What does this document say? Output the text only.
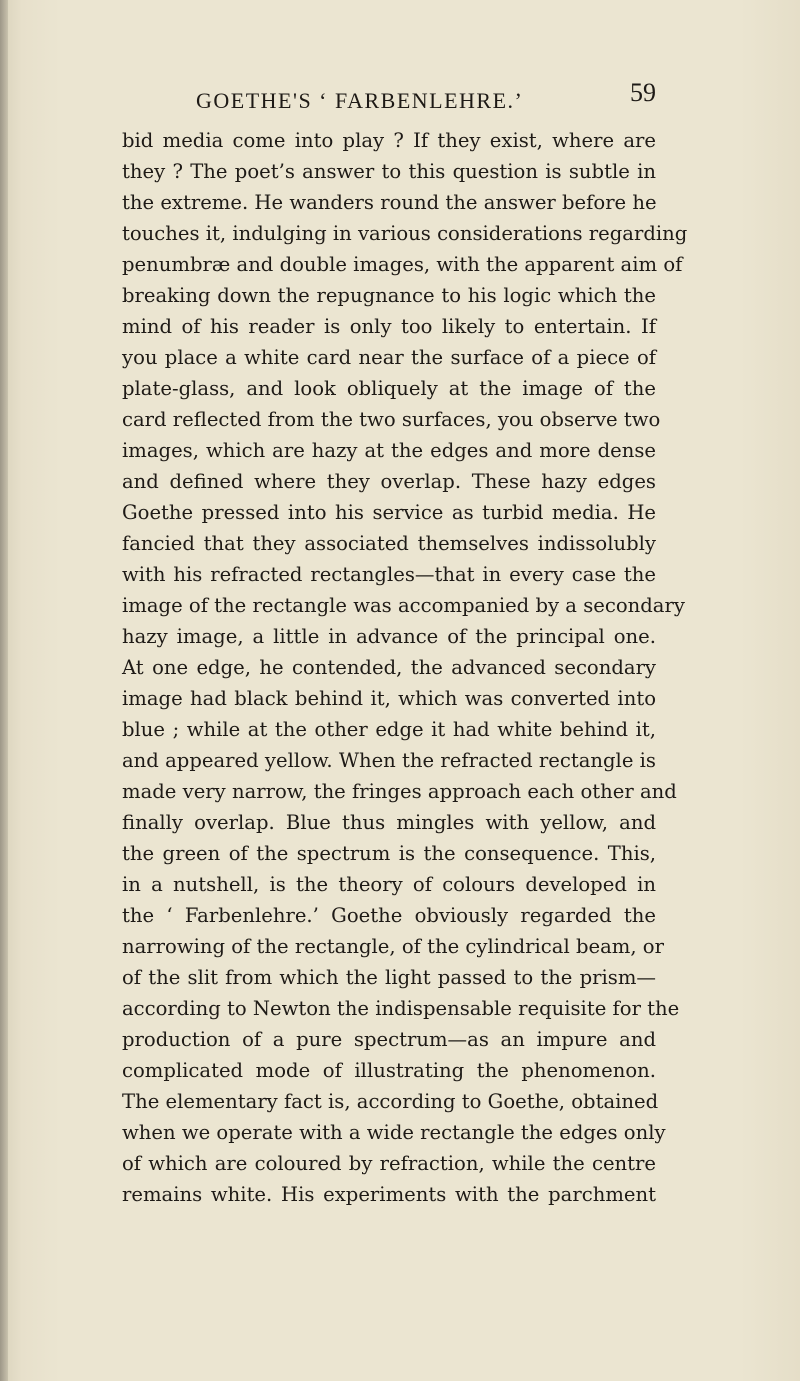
GOETHE'S ‘ FARBENLEHRE.’	59
bid media come into play ? If they exist, where are
they ? The poet’s answer to this question is subtle in
the extreme. He wanders round the answer before he
touches it, indulging in various considerations regarding
penumbræ and double images, with the apparent aim of
breaking down the repugnance to his logic which the
mind of his reader is only too likely to entertain. If
you place a white card near the surface of a piece of
plate-glass, and look obliquely at the image of the
card reflected from the two surfaces, you observe two
images, which are hazy at the edges and more dense
and defined where they overlap. These hazy edges
Goethe pressed into his service as turbid media. He
fancied that they associated themselves indissolubly
with his refracted rectangles—that in every case the
image of the rectangle was accompanied by a secondary
hazy image, a little in advance of the principal one.
At one edge, he contended, the advanced secondary
image had black behind it, which was converted into
blue ; while at the other edge it had white behind it,
and appeared yellow. When the refracted rectangle is
made very narrow, the fringes approach each other and
finally overlap. Blue thus mingles with yellow, and
the green of the spectrum is the consequence. This,
in a nutshell, is the theory of colours developed in
the ‘ Farbenlehre.’ Goethe obviously regarded the
narrowing of the rectangle, of the cylindrical beam, or
of the slit from which the light passed to the prism—
according to Newton the indispensable requisite for the
production of a pure spectrum—as an impure and
complicated mode of illustrating the phenomenon.
The elementary fact is, according to Goethe, obtained
when we operate with a wide rectangle the edges only
of which are coloured by refraction, while the centre
remains white. His experiments with the parchment
